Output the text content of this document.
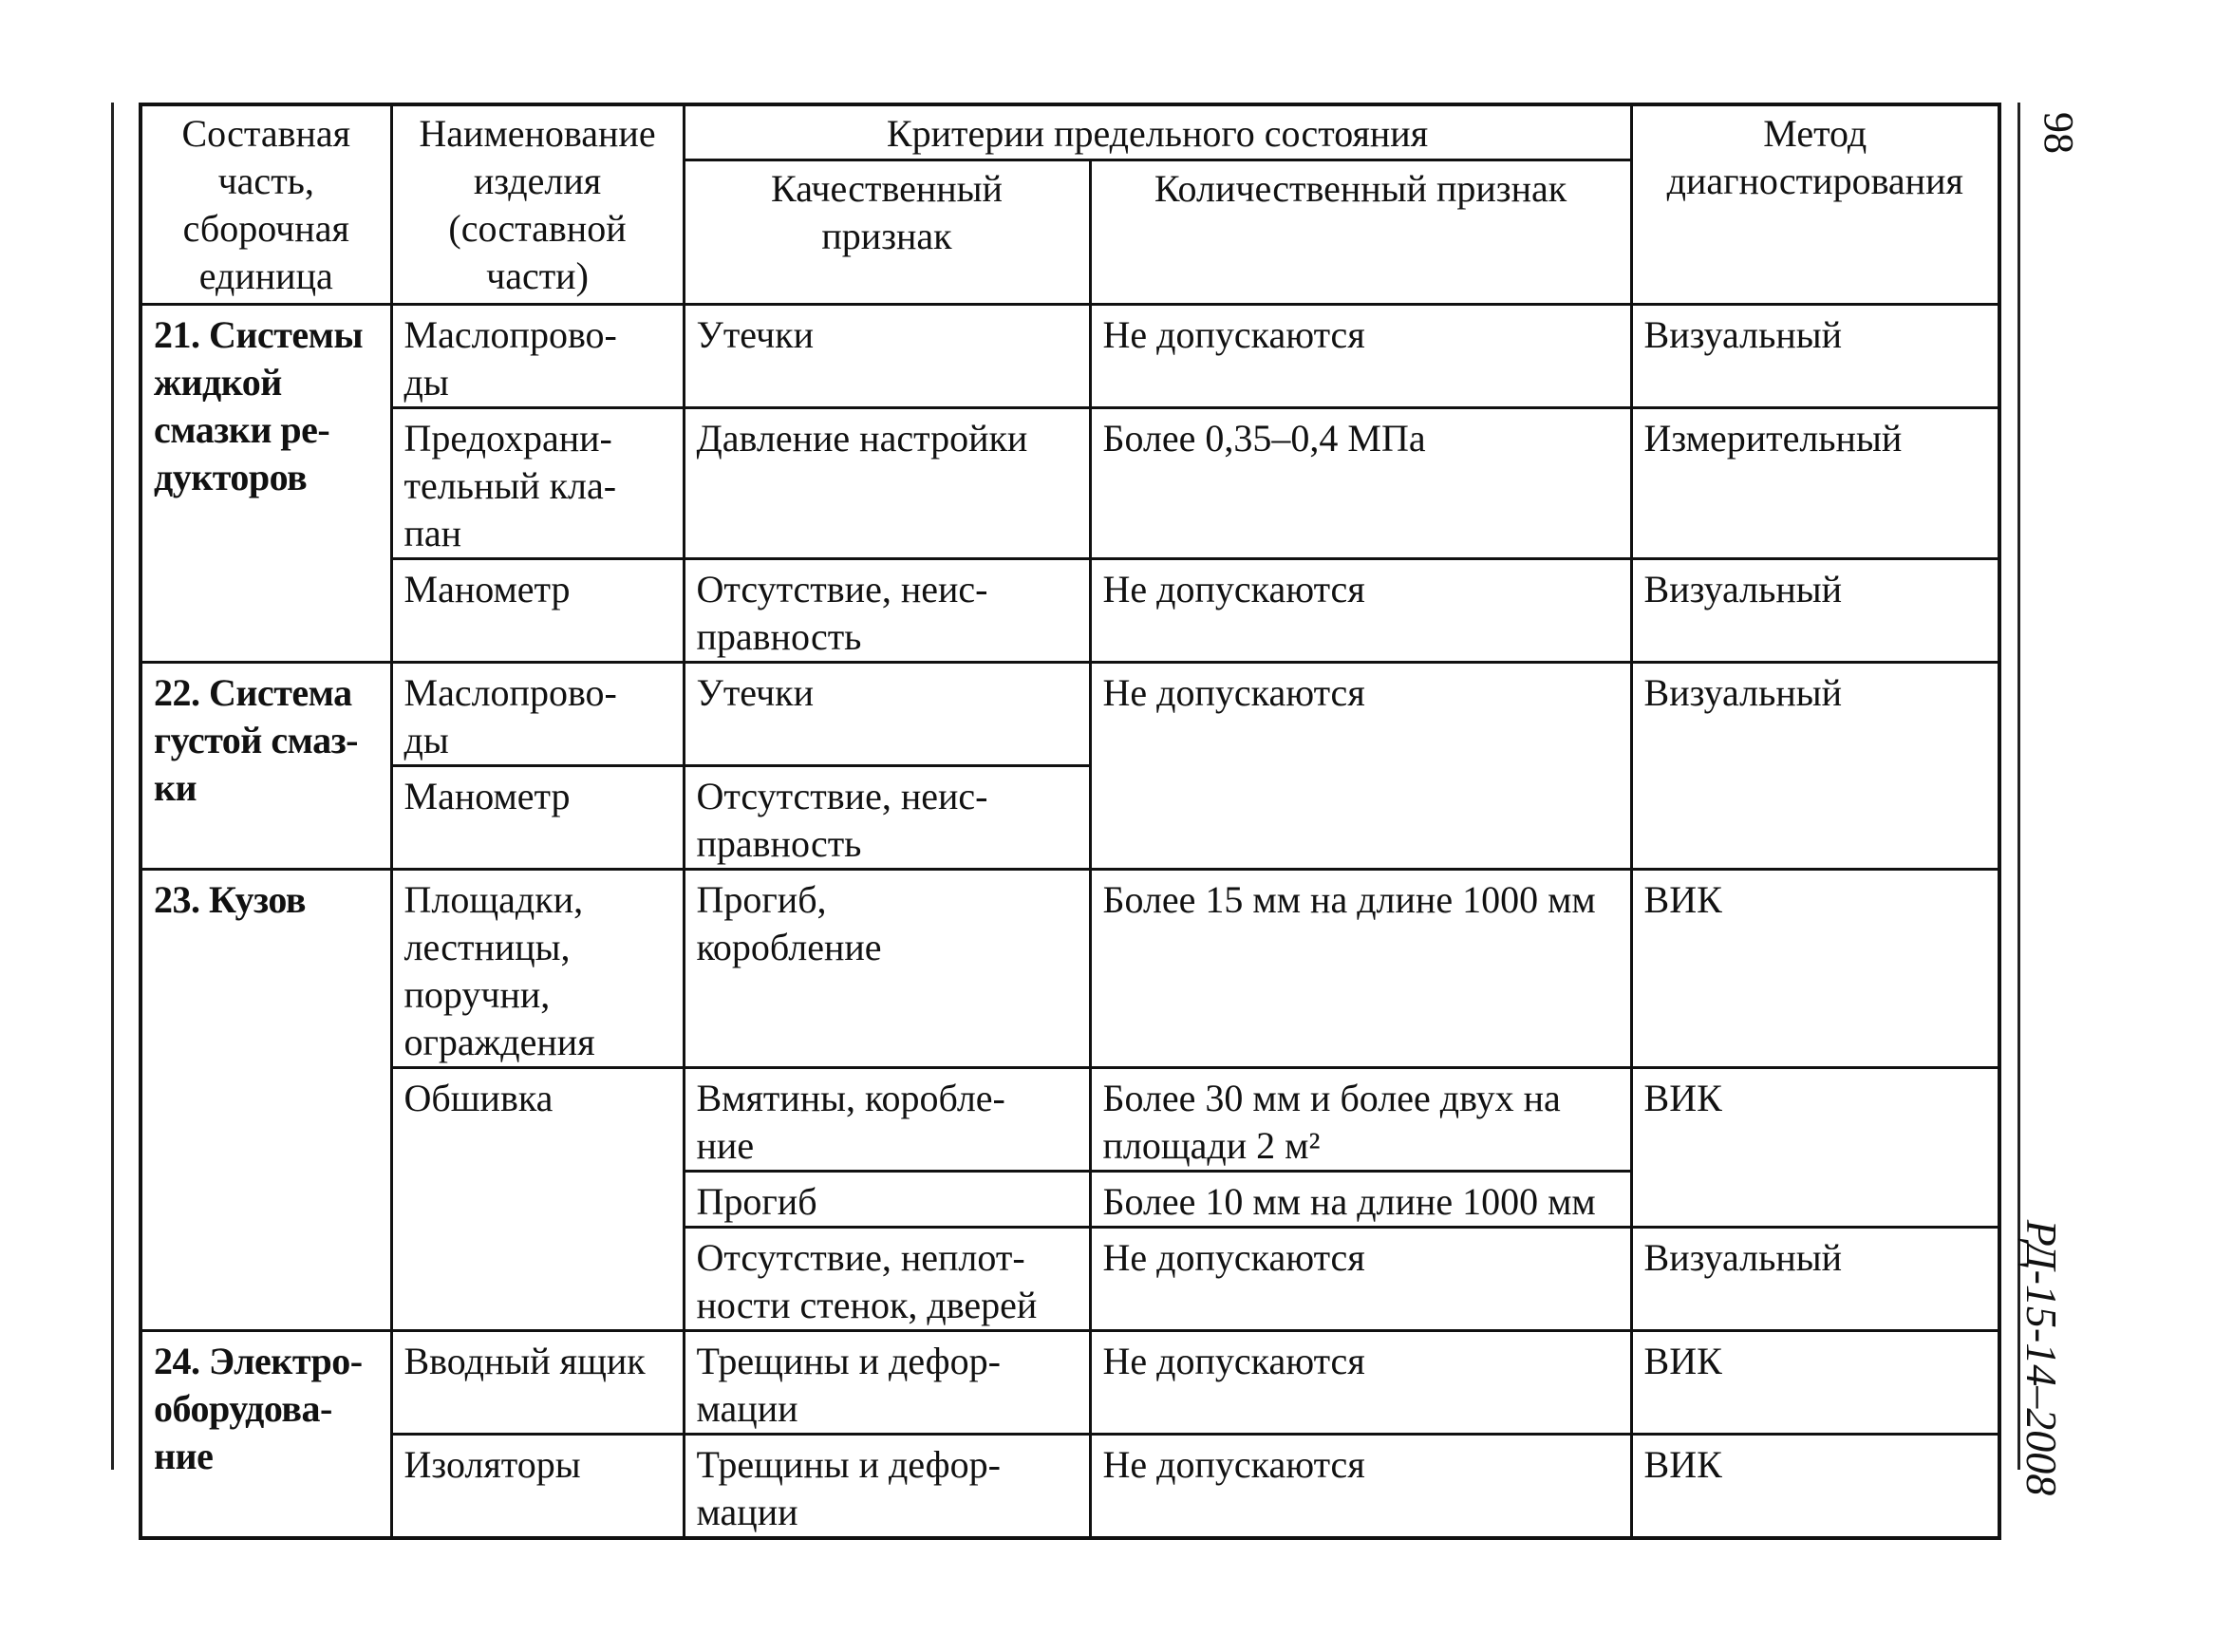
Составная
часть,
сборочная
единица	Наименование
изделия
(составной
части)	Критерии предельного состояния		Метод
диагностирования

		Качественный
признак	Количественный признак	

21. Системы
жидкой
смазки ре-
дукторов	Маслопрово-
ды	Утечки	Не допускаются	Визуальный

	Предохрани-
тельный кла-
пан	Давление настройки	Более 0,35–0,4 МПа	Измерительный

	Манометр	Отсутствие, неис-
правность	Не допускаются	Визуальный

22. Система
густой смаз-
ки	Маслопрово-
ды	Утечки	Не допускаются	Визуальный

	Манометр	Отсутствие, неис-
правность		

23. Кузов	Площадки,
лестницы,
поручни,
ограждения	Прогиб,
коробление	Более 15 мм на длине 1000 мм	ВИК

	Обшивка	Вмятины, коробле-
ние	Более 30 мм и более двух на
площади 2 м²	ВИК

		Прогиб	Более 10 мм на длине 1000 мм	

		Отсутствие, неплот-
ности стенок, дверей	Не допускаются	Визуальный

24. Электро-
оборудова-
ние	Вводный ящик	Трещины и дефор-
мации	Не допускаются	ВИК

	Изоляторы	Трещины и дефор-
мации	Не допускаются	ВИК
98
РД-15-14–2008
